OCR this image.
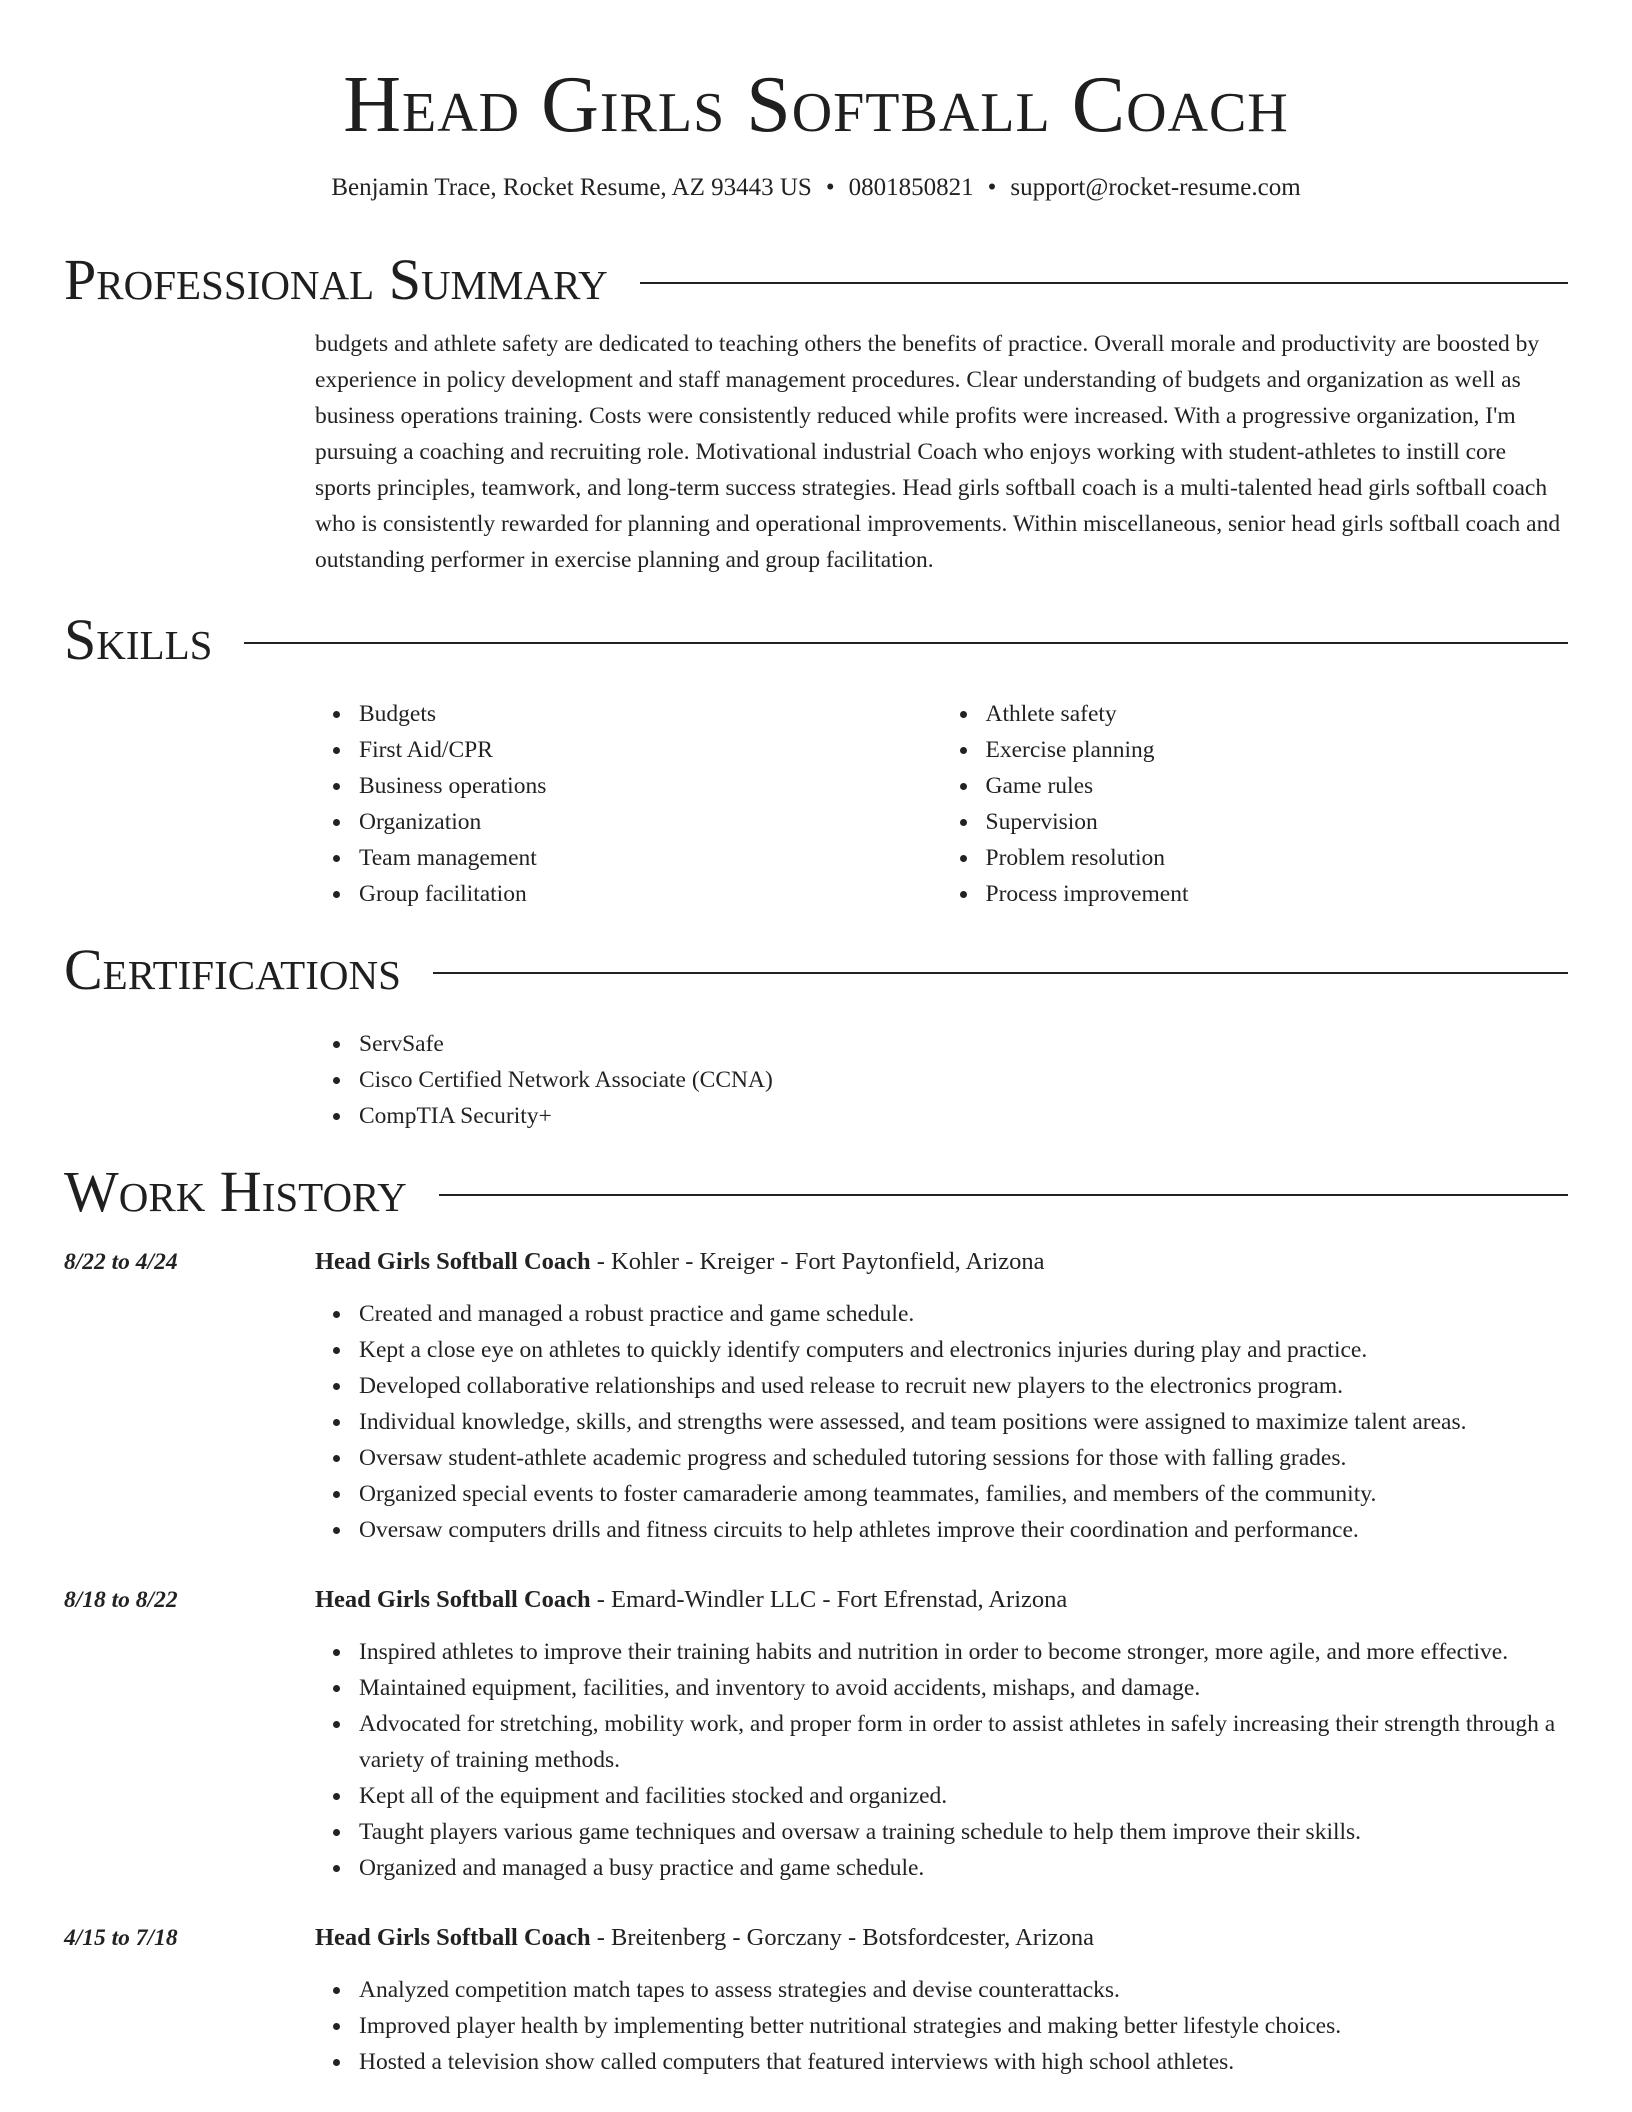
Head Girls Softball Coach
Benjamin Trace, Rocket Resume, AZ 93443 US • 0801850821 • support@rocket-resume.com
Professional Summary

budgets and athlete safety are dedicated to teaching others the benefits of practice. Overall morale and productivity are boosted by experience in policy development and staff management procedures. Clear understanding of budgets and organization as well as business operations training. Costs were consistently reduced while profits were increased. With a progressive organization, I'm pursuing a coaching and recruiting role. Motivational industrial Coach who enjoys working with student-athletes to instill core sports principles, teamwork, and long-term success strategies. Head girls softball coach is a multi-talented head girls softball coach who is consistently rewarded for planning and operational improvements. Within miscellaneous, senior head girls softball coach and outstanding performer in exercise planning and group facilitation.

Skills
Budgets
First Aid/CPR
Business operations
Organization
Team management
Group facilitation
Athlete safety
Exercise planning
Game rules
Supervision
Problem resolution
Process improvement
Certifications
ServSafe
Cisco Certified Network Associate (CCNA)
CompTIA Security+
Work History
8/22 to 4/24	Head Girls Softball Coach - Kohler - Kreiger - Fort Paytonfield, Arizona
Created and managed a robust practice and game schedule.
Kept a close eye on athletes to quickly identify computers and electronics injuries during play and practice.
Developed collaborative relationships and used release to recruit new players to the electronics program.
Individual knowledge, skills, and strengths were assessed, and team positions were assigned to maximize talent areas.
Oversaw student-athlete academic progress and scheduled tutoring sessions for those with falling grades.
Organized special events to foster camaraderie among teammates, families, and members of the community.
Oversaw computers drills and fitness circuits to help athletes improve their coordination and performance.
8/18 to 8/22	Head Girls Softball Coach - Emard-Windler LLC - Fort Efrenstad, Arizona
Inspired athletes to improve their training habits and nutrition in order to become stronger, more agile, and more effective.
Maintained equipment, facilities, and inventory to avoid accidents, mishaps, and damage.
Advocated for stretching, mobility work, and proper form in order to assist athletes in safely increasing their strength through a variety of training methods.
Kept all of the equipment and facilities stocked and organized.
Taught players various game techniques and oversaw a training schedule to help them improve their skills.
Organized and managed a busy practice and game schedule.
4/15 to 7/18	Head Girls Softball Coach - Breitenberg - Gorczany - Botsfordcester, Arizona
Analyzed competition match tapes to assess strategies and devise counterattacks.
Improved player health by implementing better nutritional strategies and making better lifestyle choices.
Hosted a television show called computers that featured interviews with high school athletes.
